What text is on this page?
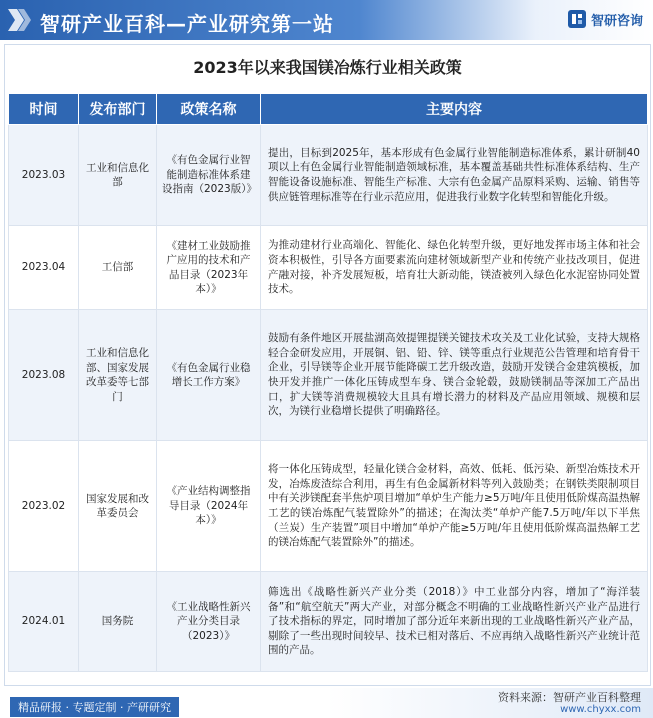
智研产业百科—产业研究第一站	智研咨询
2023年以来我国镁冶炼行业相关政策
时间	发布部门	政策名称	主要内容
2023.03	工业和信息化部	《有色金属行业智能制造标准体系建设指南（2023版）》	提出，目标到2025年，基本形成有色金属行业智能制造标准体系，累计研制40项以上有色金属行业智能制造领域标准，基本覆盖基础共性标准体系结构、生产智能设备设施标准、智能生产标准、大宗有色金属产品原料采购、运输、销售等供应链管理标准等在行业示范应用，促进我行业数字化转型和智能化升级。
2023.04	工信部	《建材工业鼓励推广应用的技术和产品目录（2023年本）》	为推动建材行业高端化、智能化、绿色化转型升级，更好地发挥市场主体和社会资本积极性，引导各方面要素流向建材领域新型产业和传统产业技改项目，促进产融对接，补齐发展短板，培育壮大新动能，镁渣被列入绿色化水泥窑协同处置技术。
2023.08	工业和信息化部、国家发展改革委等七部门	《有色金属行业稳增长工作方案》	鼓励有条件地区开展盐湖高效提锂提镁关键技术攻关及工业化试验，支持大规格轻合金研发应用，开展铜、铝、铅、锌、镁等重点行业规范公告管理和培育骨干企业，引导镁等企业开展节能降碳工艺升级改造，鼓励开发镁合金建筑模板，加快开发并推广一体化压铸成型车身、镁合金轮毂，鼓励镁制品等深加工产品出口，扩大镁等消费规模较大且具有增长潜力的材料及产品应用领域、规模和层次，为镁行业稳增长提供了明确路径。
2023.02	国家发展和改革委员会	《产业结构调整指导目录（2024年本）》	将一体化压铸成型，轻量化镁合金材料，高效、低耗、低污染、新型冶炼技术开发，冶炼废渣综合利用，再生有色金属新材料等列入鼓励类；在钢铁类限制项目中有关涉镁配套半焦炉项目增加“单炉生产能力≥5万吨/年且使用低阶煤高温热解工艺的镁冶炼配气装置除外”的描述；在淘汰类“单炉产能7.5万吨/年以下半焦（兰炭）生产装置”项目中增加“单炉产能≥5万吨/年且使用低阶煤高温热解工艺的镁冶炼配气装置除外”的描述。
2024.01	国务院	《工业战略性新兴产业分类目录（2023）》	筛选出《战略性新兴产业分类（2018）》中工业部分内容，增加了“海洋装备”和“航空航天”两大产业，对部分概念不明确的工业战略性新兴产业产品进行了技术指标的界定，同时增加了部分近年来新出现的工业战略性新兴产业产品，剔除了一些出现时间较早、技术已相对落后、不应再纳入战略性新兴产业统计范围的产品。
精品研报 · 专题定制 · 产研研究
资料来源：智研产业百科整理
www.chyxx.com
